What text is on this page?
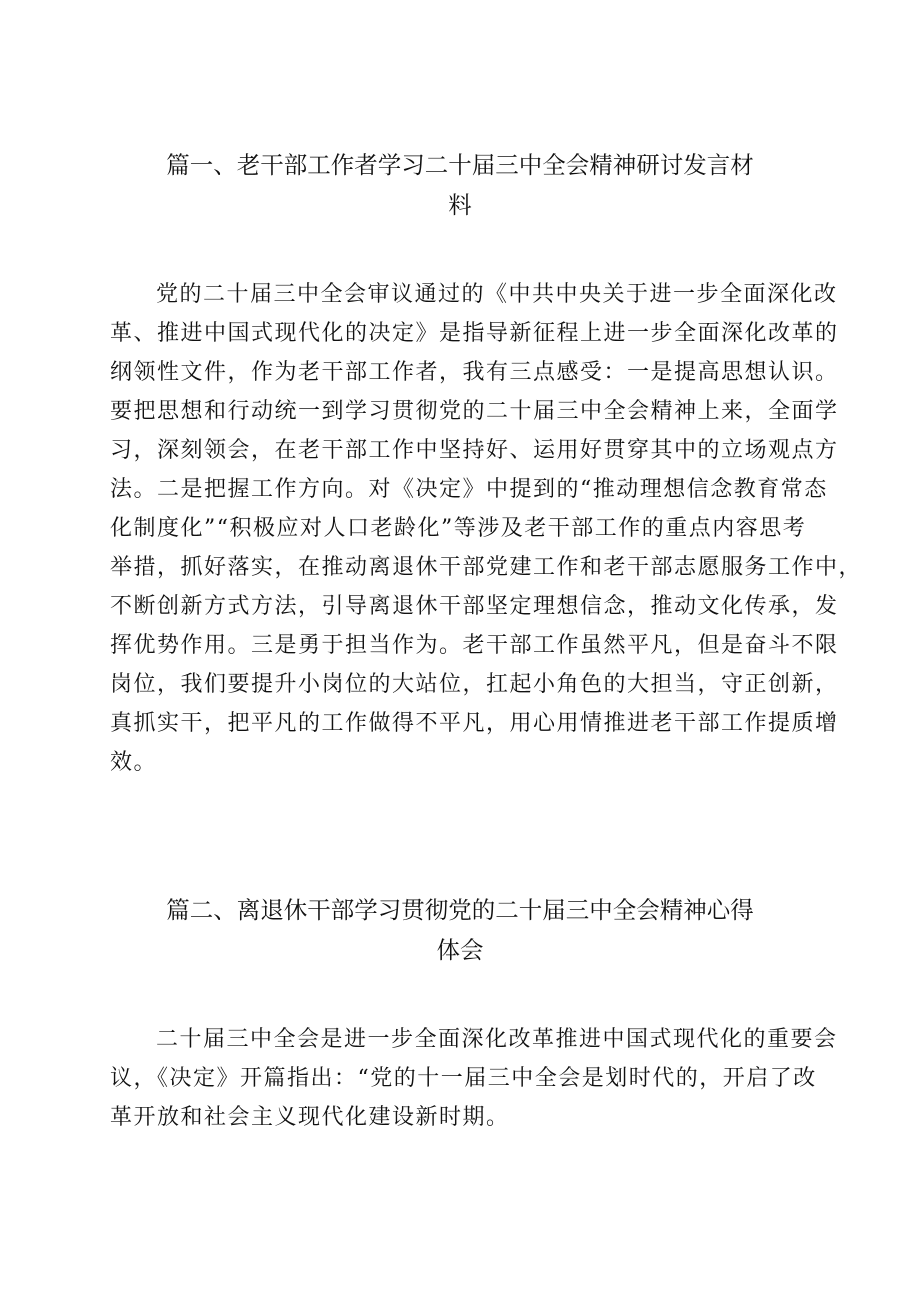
篇一、老干部工作者学习二十届三中全会精神研讨发言材
料
党的二十届三中全会审议通过的《中共中央关于进一步全面深化改
革、推进中国式现代化的决定》是指导新征程上进一步全面深化改革的
纲领性文件，作为老干部工作者，我有三点感受：一是提高思想认识。
要把思想和行动统一到学习贯彻党的二十届三中全会精神上来，全面学
习，深刻领会，在老干部工作中坚持好、运用好贯穿其中的立场观点方
法。二是把握工作方向。对《决定》中提到的“推动理想信念教育常态
化制度化”“积极应对人口老龄化”等涉及老干部工作的重点内容思考
举措，抓好落实，在推动离退休干部党建工作和老干部志愿服务工作中，
不断创新方式方法，引导离退休干部坚定理想信念，推动文化传承，发
挥优势作用。三是勇于担当作为。老干部工作虽然平凡，但是奋斗不限
岗位，我们要提升小岗位的大站位，扛起小角色的大担当，守正创新，
真抓实干，把平凡的工作做得不平凡，用心用情推进老干部工作提质增
效。
篇二、离退休干部学习贯彻党的二十届三中全会精神心得
体会
二十届三中全会是进一步全面深化改革推进中国式现代化的重要会
议，《决定》开篇指出：“党的十一届三中全会是划时代的，开启了改
革开放和社会主义现代化建设新时期。
